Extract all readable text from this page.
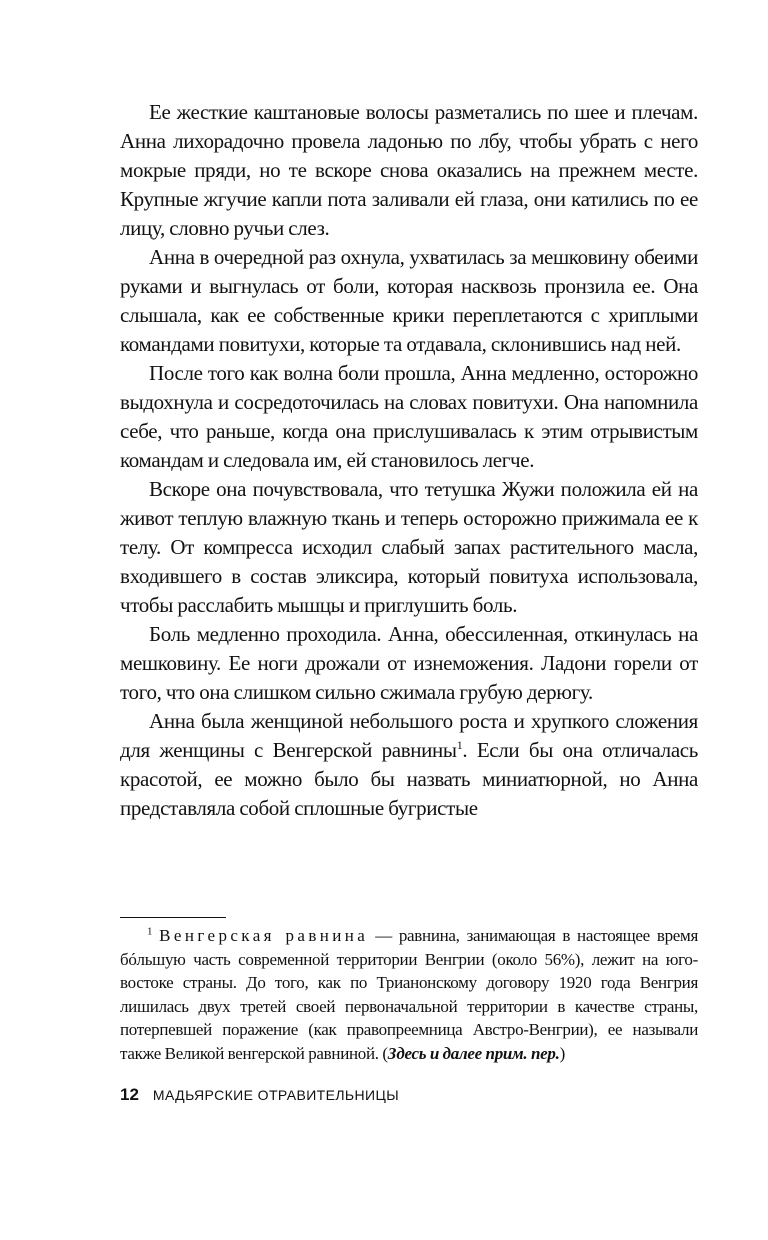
Ее жесткие каштановые волосы разметались по шее и плечам. Анна лихорадочно провела ладонью по лбу, чтобы убрать с него мокрые пряди, но те вскоре снова оказались на прежнем месте. Крупные жгучие капли пота заливали ей глаза, они катились по ее лицу, словно ручьи слез.

Анна в очередной раз охнула, ухватилась за мешковину обеими руками и выгнулась от боли, которая насквозь пронзила ее. Она слышала, как ее собственные крики переплетаются с хриплыми командами повитухи, которые та отдавала, склонившись над ней.

После того как волна боли прошла, Анна медленно, осторожно выдохнула и сосредоточилась на словах повитухи. Она напомнила себе, что раньше, когда она прислушивалась к этим отрывистым командам и следовала им, ей становилось легче.

Вскоре она почувствовала, что тетушка Жужи положила ей на живот теплую влажную ткань и теперь осторожно прижимала ее к телу. От компресса исходил слабый запах растительного масла, входившего в состав эликсира, который повитуха использовала, чтобы расслабить мышцы и приглушить боль.

Боль медленно проходила. Анна, обессиленная, откинулась на мешковину. Ее ноги дрожали от изнеможения. Ладони горели от того, что она слишком сильно сжимала грубую дерюгу.

Анна была женщиной небольшого роста и хрупкого сложения для женщины с Венгерской равнины$^1$. Если бы она отличалась красотой, ее можно было бы назвать миниатюрной, но Анна представляла собой сплошные бугристые

$^1$ Венгерская равнина — равнина, занимающая в настоящее время бóльшую часть современной территории Венгрии (около 56%), лежит на юго-востоке страны. До того, как по Трианонскому договору 1920 года Венгрия лишилась двух третей своей первоначальной территории в качестве страны, потерпевшей поражение (как правопреемница Австро-Венгрии), ее называли также Великой венгерской равниной. (Здесь и далее прим. пер.)

12 МАДЬЯРСКИЕ ОТРАВИТЕЛЬНИЦЫ
